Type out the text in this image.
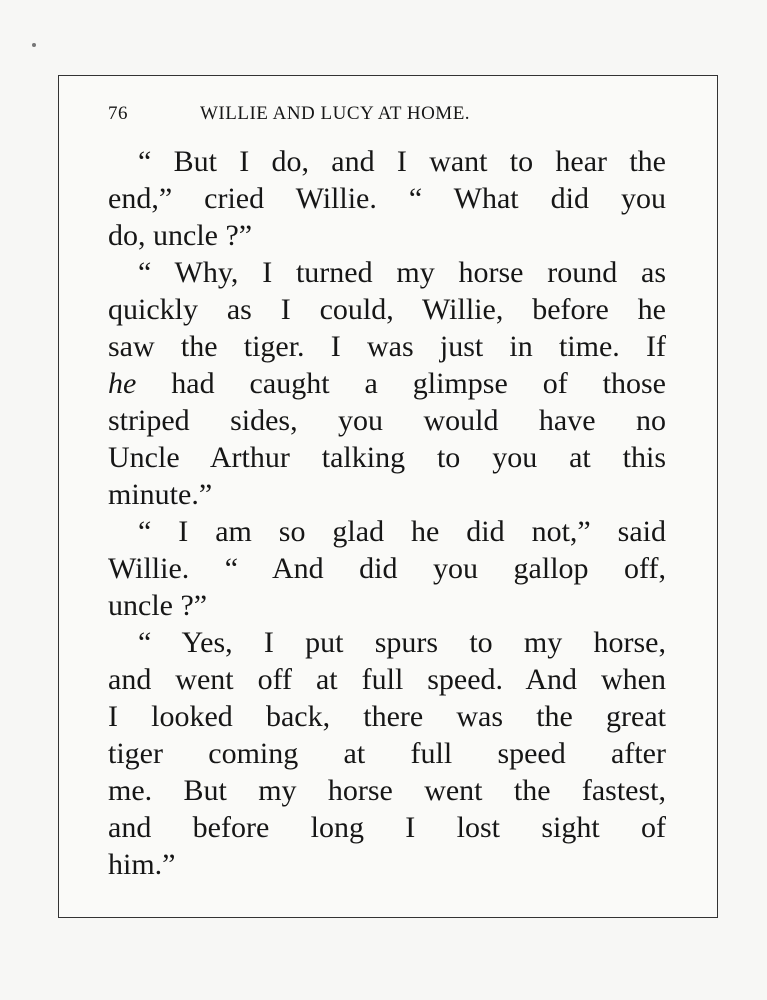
76	WILLIE AND LUCY AT HOME.
“ But I do, and I want to hear the
end,” cried Willie. “ What did you
do, uncle ?”
“ Why, I turned my horse round as
quickly as I could, Willie, before he
saw the tiger. I was just in time. If
he had caught a glimpse of those
striped sides, you would have no
Uncle Arthur talking to you at this
minute.”
“ I am so glad he did not,” said
Willie. “ And did you gallop off,
uncle ?”
“ Yes, I put spurs to my horse,
and went off at full speed. And when
I looked back, there was the great
tiger coming at full speed after
me. But my horse went the fastest,
and before long I lost sight of
him.”
